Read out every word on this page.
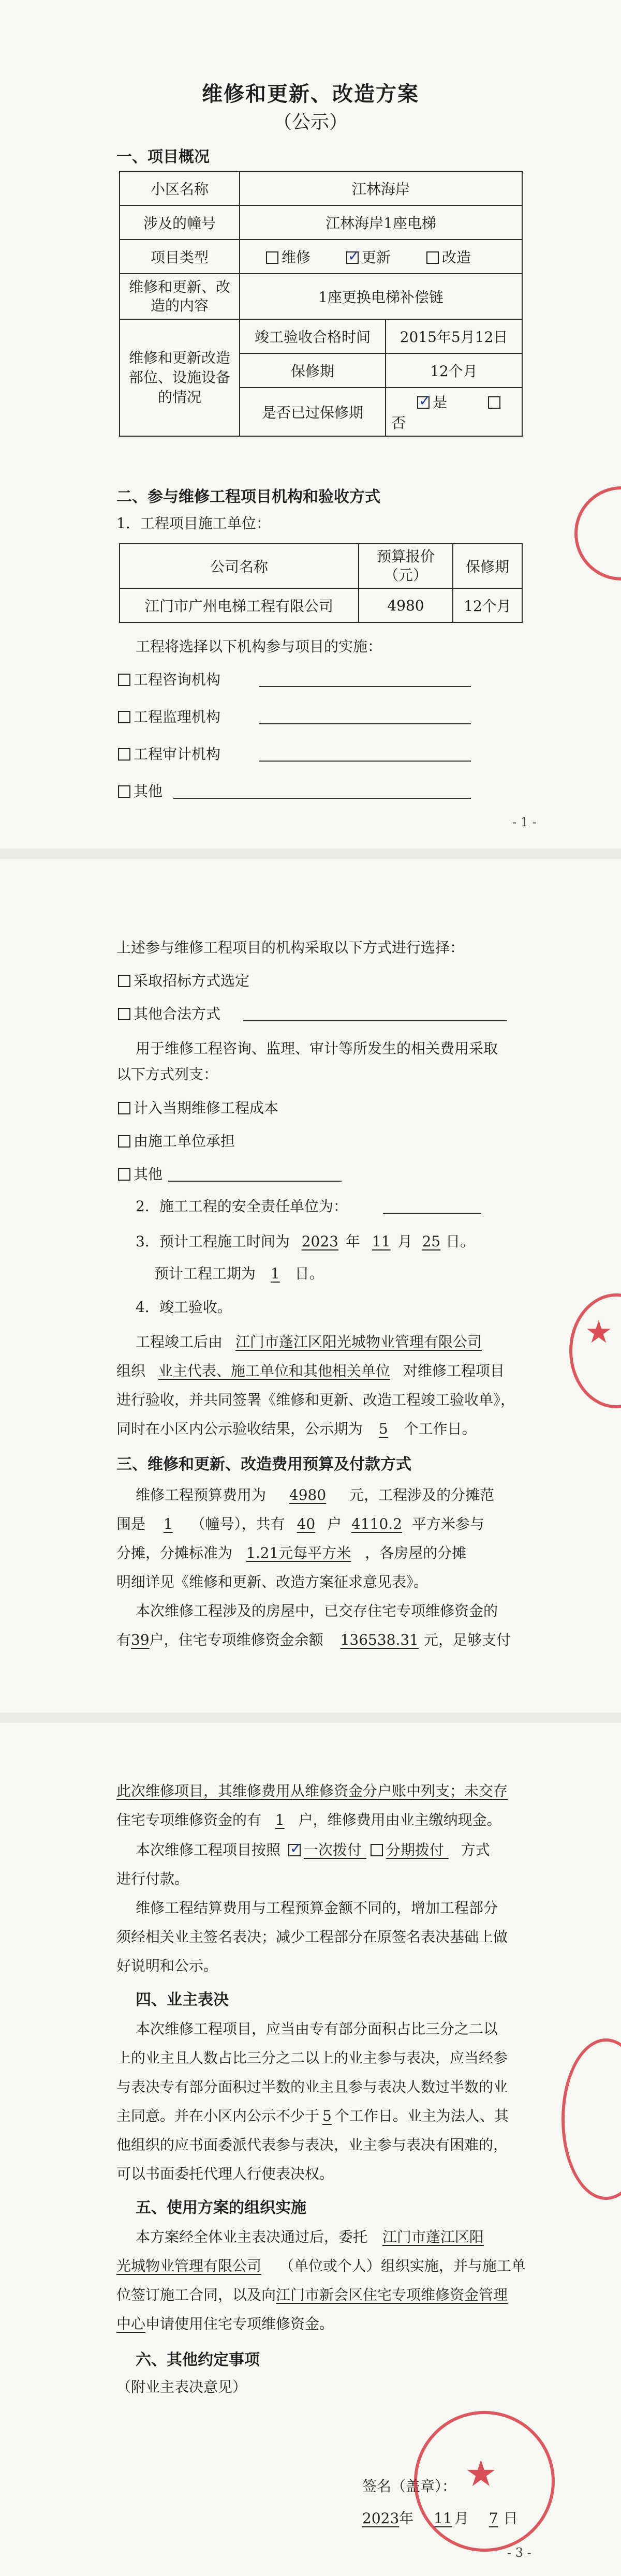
维修和更新、改造方案
（公示）
一、项目概况
小区名称	江林海岸	
涉及的幢号	江林海岸1座电梯	
项目类型	维修 ✓ 更新 改造
维修和更新、改造的内容	1座更换电梯补偿链	
维修和更新改造部位、设施设备的情况	竣工验收合格时间	2015年5月12日
	保修期	12个月
	是否已过保修期	✓是 否
二、参与维修工程项目机构和验收方式
1．工程项目施工单位：
公司名称	预算报价（元）	保修期
江门市广州电梯工程有限公司	4980	12个月
工程将选择以下机构参与项目的实施：
工程咨询机构
工程监理机构
工程审计机构
其他
- 1 -
上述参与维修工程项目的机构采取以下方式进行选择：
采取招标方式选定
其他合法方式
用于维修工程咨询、监理、审计等所发生的相关费用采取
以下方式列支：
计入当期维修工程成本
由施工单位承担
其他
2．施工工程的安全责任单位为：
3．预计工程施工时间为 2023 年 11 月 25 日。
预计工程工期为 1 日。
4．竣工验收。
工程竣工后由 江门市蓬江区阳光城物业管理有限公司
组织 业主代表、施工单位和其他相关单位 对维修工程项目
进行验收，并共同签署《维修和更新、改造工程竣工验收单》，
同时在小区内公示验收结果，公示期为 5 个工作日。
三、维修和更新、改造费用预算及付款方式
维修工程预算费用为 4980 元，工程涉及的分摊范
围是 1 （幢号），共有 40 户 4110.2 平方米参与
分摊，分摊标准为 1.21元每平方米 ，各房屋的分摊
明细详见《维修和更新、改造方案征求意见表》。
本次维修工程涉及的房屋中，已交存住宅专项维修资金的
有39户，住宅专项维修资金余额 136538.31 元，足够支付
★
此次维修项目，其维修费用从维修资金分户账中列支；未交存
住宅专项维修资金的有 1 户，维修费用由业主缴纳现金。
本次维修工程项目按照 ✓ 一次拨付 分期拨付 方式
进行付款。
维修工程结算费用与工程预算金额不同的，增加工程部分
须经相关业主签名表决；减少工程部分在原签名表决基础上做
好说明和公示。
四、业主表决
本次维修工程项目，应当由专有部分面积占比三分之二以
上的业主且人数占比三分之二以上的业主参与表决，应当经参
与表决专有部分面积过半数的业主且参与表决人数过半数的业
主同意。并在小区内公示不少于 5 个工作日。业主为法人、其
他组织的应书面委派代表参与表决，业主参与表决有困难的，
可以书面委托代理人行使表决权。
五、使用方案的组织实施
本方案经全体业主表决通过后，委托 江门市蓬江区阳
光城物业管理有限公司 （单位或个人）组织实施，并与施工单
位签订施工合同，以及向江门市新会区住宅专项维修资金管理
中心申请使用住宅专项维修资金。
六、其他约定事项
（附业主表决意见）
签名（盖章）：
2023年 11 月 7 日
- 3 -
★
